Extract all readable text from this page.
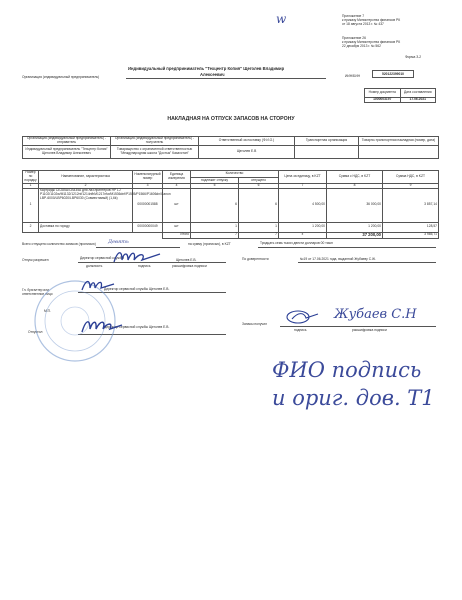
w	Приложение 7
к приказу Министерства финансов РК
от 18 августа 2013 г. № 437
Приложение 26
к приказу Министерства финансов РК
22 декабря 2013 г. № 562
Форма З-2
Индивидуальный предприниматель "Техцентр Копия" Щеголев Владимир
Алексеевич
Организация (индивидуальный предприниматель)	ИИН/БИН	520122399010
Номер документа	Дата составления
1000003197	17.06.2021
НАКЛАДНАЯ НА ОТПУСК ЗАПАСОВ НА СТОРОНУ
Организация (индивидуальный предприниматель) - отправитель	Организация (индивидуальный предприниматель) - получатель	Ответственный за поставку (Ф.И.О.)	Транспортная организация	Товарно-транспортная накладная (номер, дата)
Индивидуальный предприниматель "Техцентр Копия" Щеголев Владимир Алексеевич	Товарищество с ограниченной ответственностью "Международная школа "Достык" Казахстан"	Щеголев Е.В		
Номер по порядку	Наименование, характеристика	Номенклатурный номер	Единица измерения	Количество		Цена за единицу, в KZT	Сумма с НДС, в KZT	Сумма НДС, в KZT
				подлежит отпуску	отпущено			
1	2	3	4	5	6	7	8	9
1	Картридж CE285A/CB435A для лаз.принтеров HP LJ P1102/1102w/M1132/1212nf/1214nfhM1217nfw/M1536dnf/P1505/P1566/P1606dn/Canon LBP-6000/LBP6020/LBP6030 (Совместимый) (1,6k)	00000001588	шт	6	6	4 500,00	36 000,00	3 857,14
2	Доставка по городу	00000000049	шт	1	1	1 200,00	1 200,00	128,57
			Итого	7	7	х	37 200,00	3 985,71
Всего отпущено количество запасов (прописью) Девять	на сумму (прописью), в KZT	Тридцать семь тысяч двести долларов 00 тиын
Отпуск разрешен	Директор сервисной службы	Щеголев Е.В.
должность	подпись	расшифровка подписи
Гл. бухгалтер или ответственное лицо
Директор сервисной службы Щеголев Е.В.
М.П.
Отпустил
Директор сервисной службы Щеголев Е.В.
По доверенности	№19 от 17.06.2021 года, выданной Жубаеву С.Ж.
Запасы получил
Жубаев С.Н
подпись	расшифровка подписи
ФИО подпись
и ориг. дов. Т1
